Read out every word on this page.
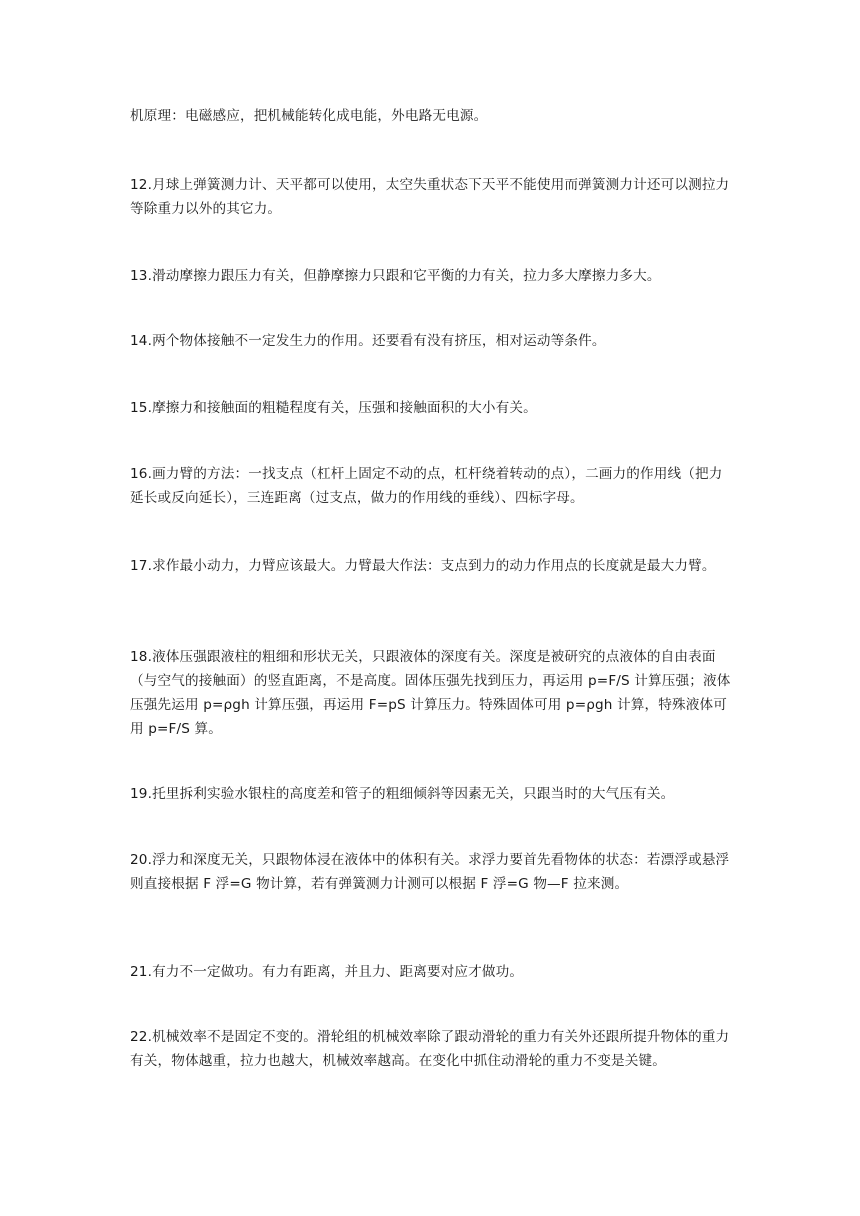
机原理：电磁感应，把机械能转化成电能，外电路无电源。

12.月球上弹簧测力计、天平都可以使用，太空失重状态下天平不能使用而弹簧测力计还可以测拉力等除重力以外的其它力。

13.滑动摩擦力跟压力有关，但静摩擦力只跟和它平衡的力有关，拉力多大摩擦力多大。

14.两个物体接触不一定发生力的作用。还要看有没有挤压，相对运动等条件。

15.摩擦力和接触面的粗糙程度有关，压强和接触面积的大小有关。

16.画力臂的方法：一找支点（杠杆上固定不动的点，杠杆绕着转动的点），二画力的作用线（把力延长或反向延长），三连距离（过支点，做力的作用线的垂线）、四标字母。

17.求作最小动力，力臂应该最大。力臂最大作法：支点到力的动力作用点的长度就是最大力臂。

18.液体压强跟液柱的粗细和形状无关，只跟液体的深度有关。深度是被研究的点液体的自由表面（与空气的接触面）的竖直距离，不是高度。固体压强先找到压力，再运用 p=F/S 计算压强；液体压强先运用 p=ρgh 计算压强，再运用 F=pS 计算压力。特殊固体可用 p=ρgh 计算，特殊液体可用 p=F/S 算。

19.托里拆利实验水银柱的高度差和管子的粗细倾斜等因素无关，只跟当时的大气压有关。

20.浮力和深度无关，只跟物体浸在液体中的体积有关。求浮力要首先看物体的状态：若漂浮或悬浮则直接根据 F 浮=G 物计算，若有弹簧测力计测可以根据 F 浮=G 物—F 拉来测。

21.有力不一定做功。有力有距离，并且力、距离要对应才做功。

22.机械效率不是固定不变的。滑轮组的机械效率除了跟动滑轮的重力有关外还跟所提升物体的重力有关，物体越重，拉力也越大，机械效率越高。在变化中抓住动滑轮的重力不变是关键。
